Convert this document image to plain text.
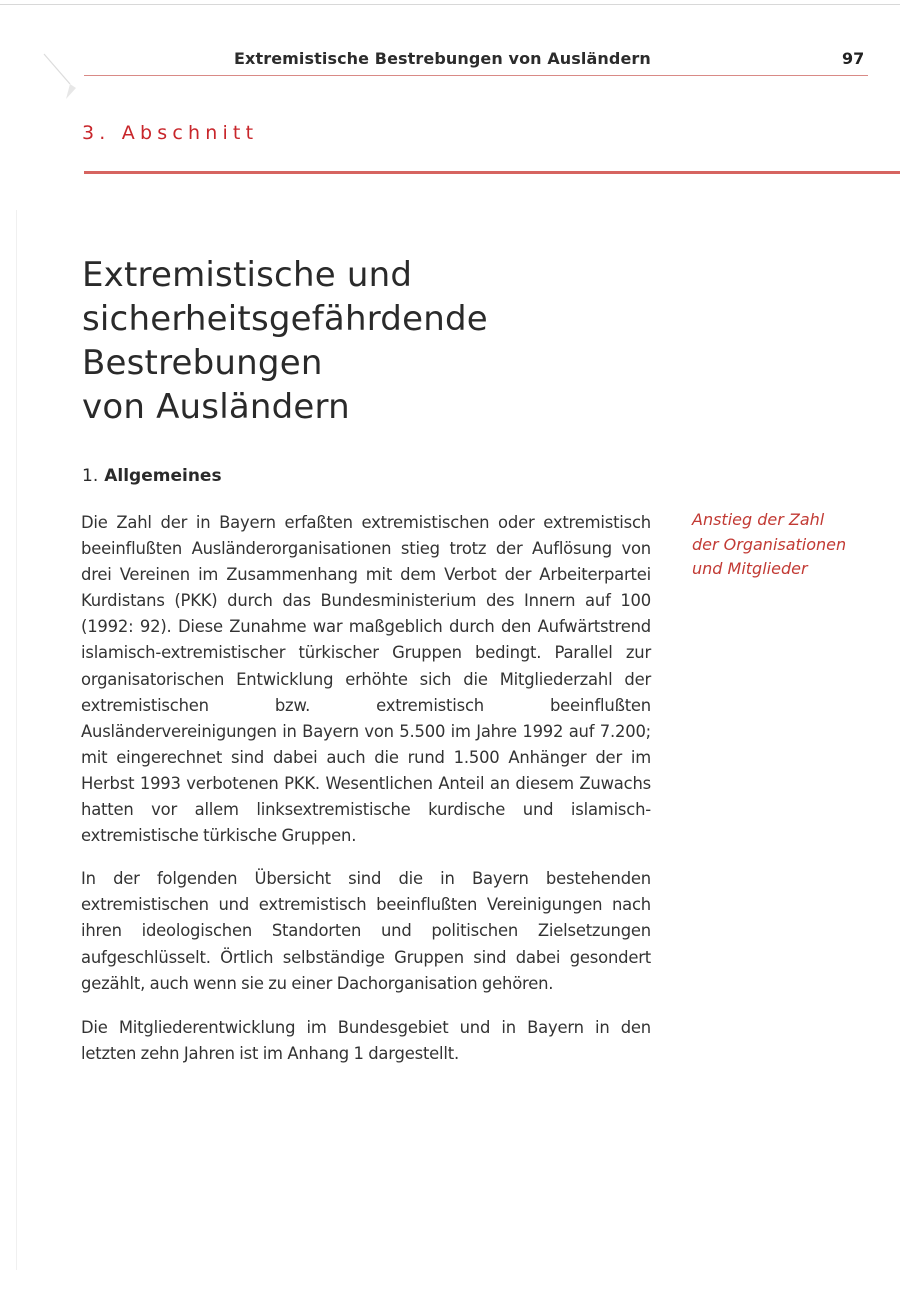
Extremistische Bestrebungen von Ausländern	97
3. Abschnitt
Extremistische und
sicherheitsgefährdende
Bestrebungen
von Ausländern
1. Allgemeines

Die Zahl der in Bayern erfaßten extremistischen oder extremistisch beeinflußten Ausländerorganisationen stieg trotz der Auflösung von drei Vereinen im Zusammenhang mit dem Verbot der Arbeiterpartei Kurdistans (PKK) durch das Bundesministerium des Innern auf 100 (1992: 92). Diese Zunahme war maßgeblich durch den Aufwärtstrend islamisch-extremistischer türkischer Gruppen bedingt. Parallel zur organisatorischen Entwicklung erhöhte sich die Mitgliederzahl der extremistischen bzw. extremistisch beeinflußten Ausländervereinigungen in Bayern von 5.500 im Jahre 1992 auf 7.200; mit eingerechnet sind dabei auch die rund 1.500 Anhänger der im Herbst 1993 verbotenen PKK. Wesentlichen Anteil an diesem Zuwachs hatten vor allem linksextremistische kurdische und islamisch-extremistische türkische Gruppen.

In der folgenden Übersicht sind die in Bayern bestehenden extremistischen und extremistisch beeinflußten Vereinigungen nach ihren ideologischen Standorten und politischen Zielsetzungen aufgeschlüsselt. Örtlich selbständige Gruppen sind dabei gesondert gezählt, auch wenn sie zu einer Dachorganisation gehören.

Die Mitgliederentwicklung im Bundesgebiet und in Bayern in den letzten zehn Jahren ist im Anhang 1 dargestellt.

Anstieg der Zahl
der Organisationen
und Mitglieder
